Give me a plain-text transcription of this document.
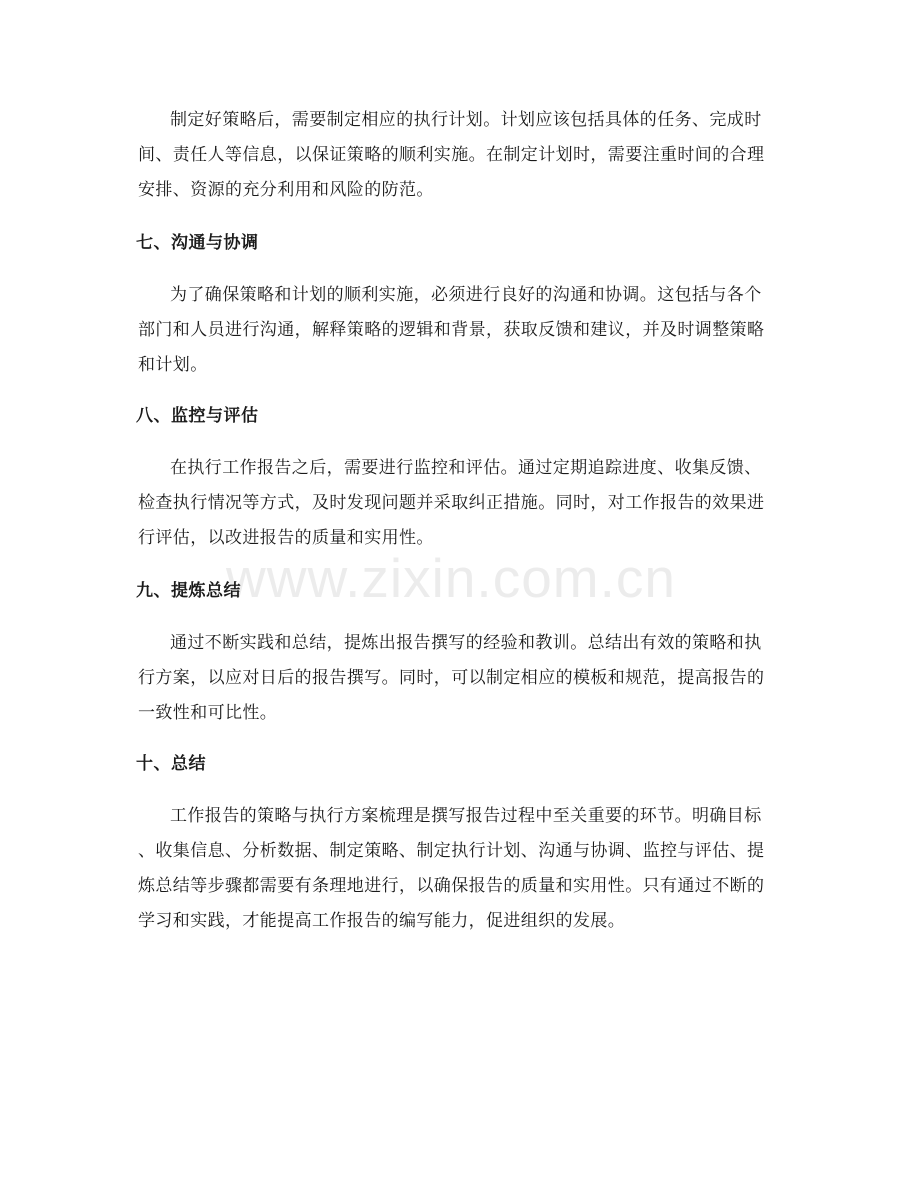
www.zixin.com.cn
制定好策略后，需要制定相应的执行计划。计划应该包括具体的任务、完成时
间、责任人等信息，以保证策略的顺利实施。在制定计划时，需要注重时间的合理
安排、资源的充分利用和风险的防范。
七、沟通与协调
为了确保策略和计划的顺利实施，必须进行良好的沟通和协调。这包括与各个
部门和人员进行沟通，解释策略的逻辑和背景，获取反馈和建议，并及时调整策略
和计划。
八、监控与评估
在执行工作报告之后，需要进行监控和评估。通过定期追踪进度、收集反馈、
检查执行情况等方式，及时发现问题并采取纠正措施。同时，对工作报告的效果进
行评估，以改进报告的质量和实用性。
九、提炼总结
通过不断实践和总结，提炼出报告撰写的经验和教训。总结出有效的策略和执
行方案，以应对日后的报告撰写。同时，可以制定相应的模板和规范，提高报告的
一致性和可比性。
十、总结
工作报告的策略与执行方案梳理是撰写报告过程中至关重要的环节。明确目标
、收集信息、分析数据、制定策略、制定执行计划、沟通与协调、监控与评估、提
炼总结等步骤都需要有条理地进行，以确保报告的质量和实用性。只有通过不断的
学习和实践，才能提高工作报告的编写能力，促进组织的发展。
